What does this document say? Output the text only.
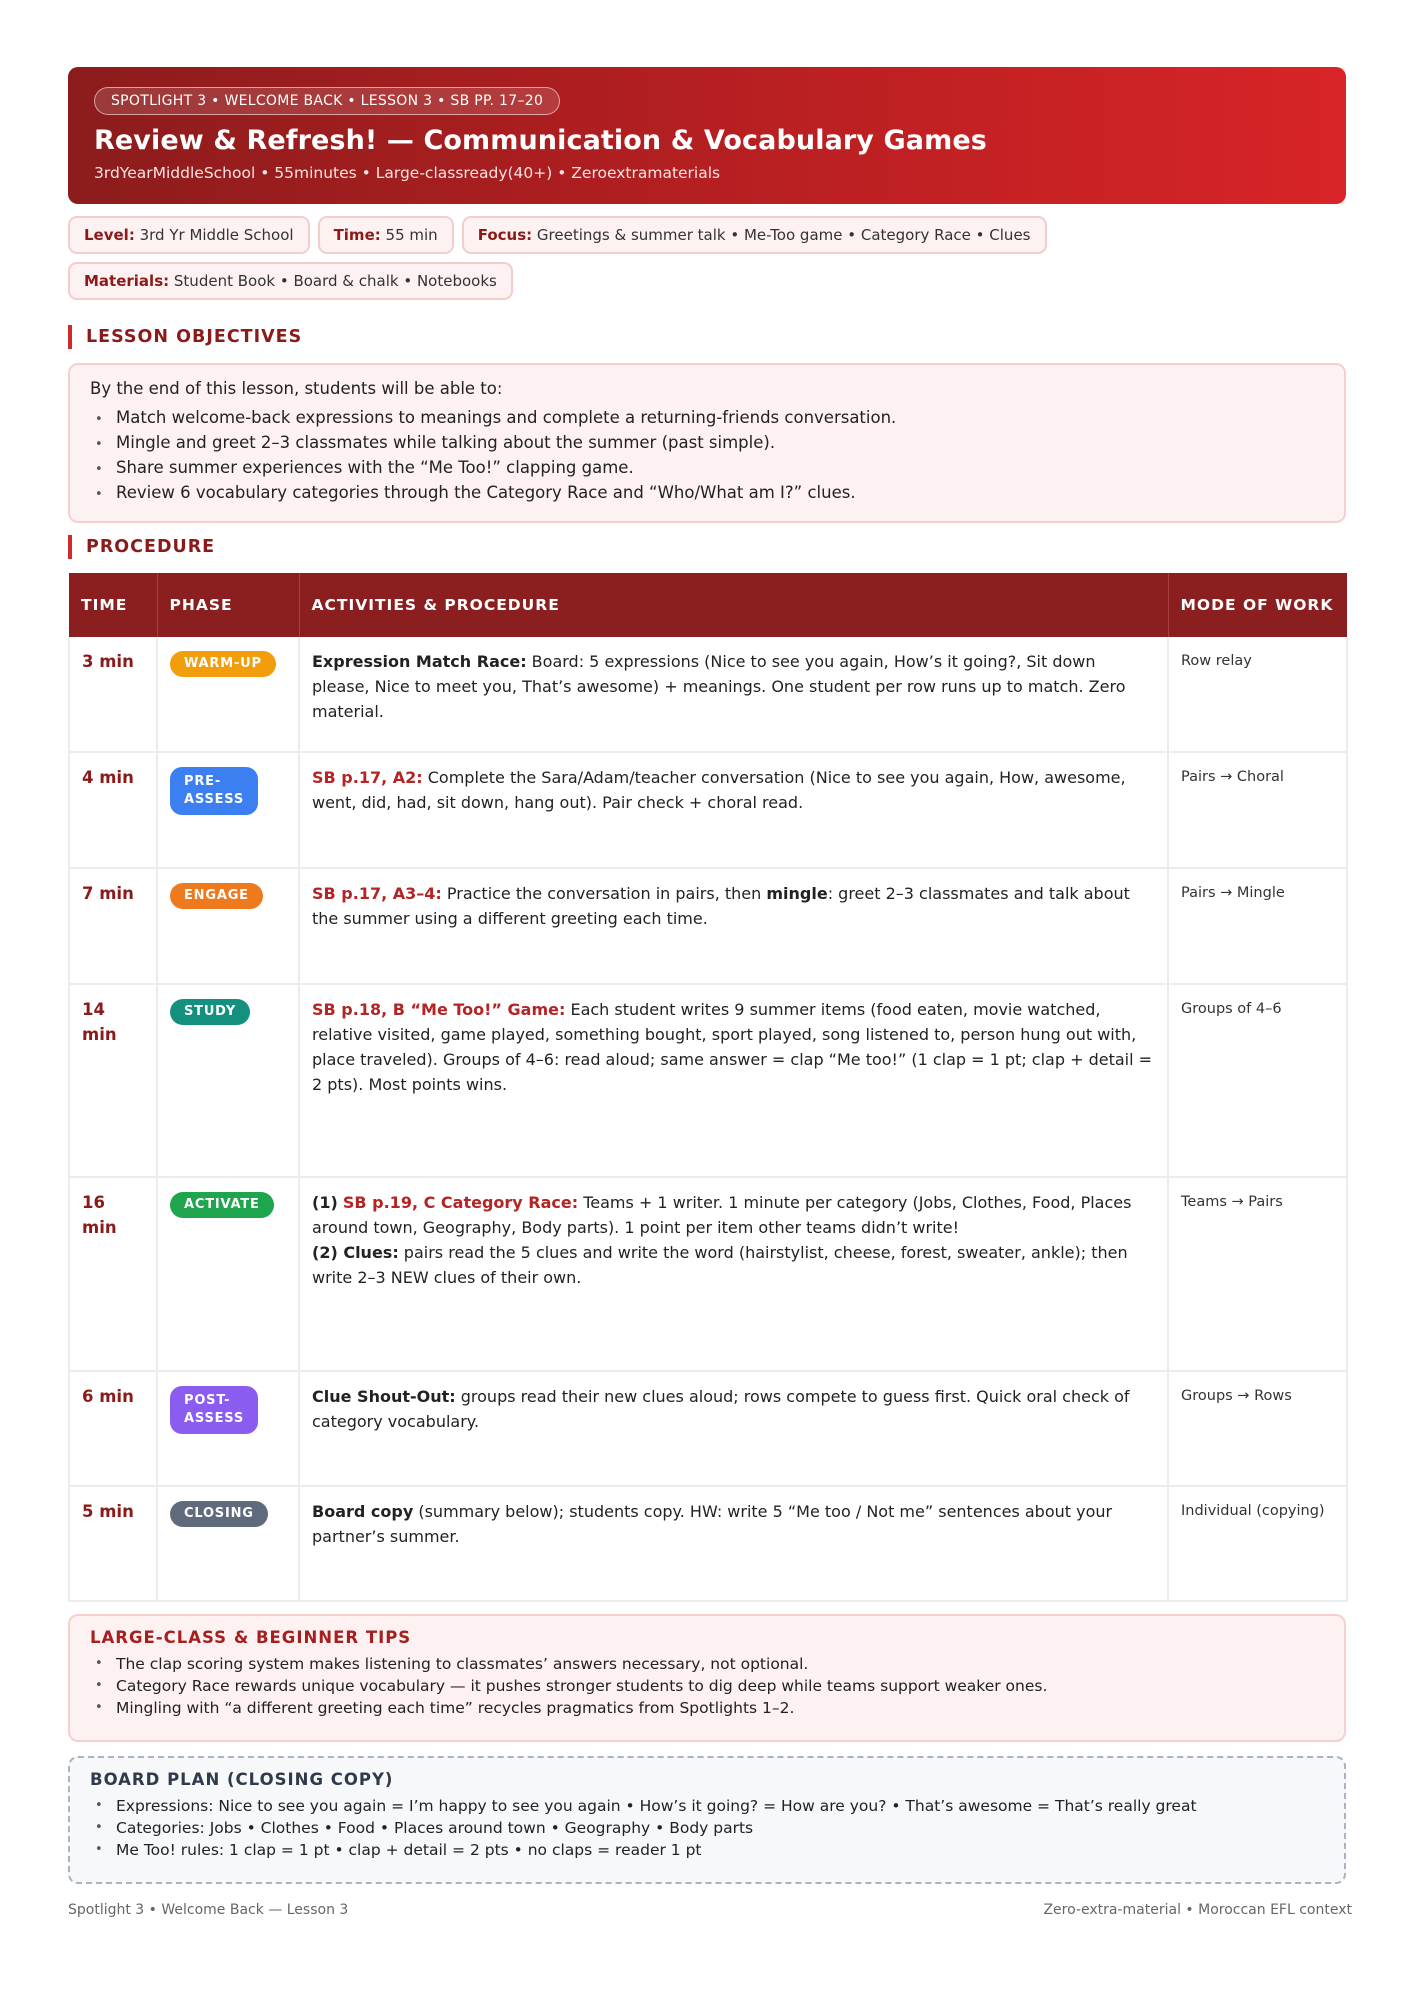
SPOTLIGHT 3 • WELCOME BACK • LESSON 3 • SB PP. 17–20
Review & Refresh! — Communication & Vocabulary Games
3rdYearMiddleSchool • 55minutes • Large-classready(40+) • Zeroextramaterials
Level: 3rd Yr Middle School	Time: 55 min	Focus: Greetings & summer talk • Me-Too game • Category Race • Clues
Materials: Student Book • Board & chalk • Notebooks
LESSON OBJECTIVES
By the end of this lesson, students will be able to:
• Match welcome-back expressions to meanings and complete a returning-friends conversation.
• Mingle and greet 2–3 classmates while talking about the summer (past simple).
• Share summer experiences with the “Me Too!” clapping game.
• Review 6 vocabulary categories through the Category Race and “Who/What am I?” clues.
PROCEDURE
TIME	PHASE	ACTIVITIES & PROCEDURE	MODE OF WORK
3 min	WARM-UP	Expression Match Race: Board: 5 expressions (Nice to see you again, How’s it going?, Sit down please, Nice to meet you, That’s awesome) + meanings. One student per row runs up to match. Zero material.	Row relay
4 min	PRE-
ASSESS	SB p.17, A2: Complete the Sara/Adam/teacher conversation (Nice to see you again, How, awesome, went, did, had, sit down, hang out). Pair check + choral read.	Pairs → Choral
7 min	ENGAGE	SB p.17, A3–4: Practice the conversation in pairs, then mingle: greet 2–3 classmates and talk about the summer using a different greeting each time.	Pairs → Mingle
14 min	STUDY	SB p.18, B “Me Too!” Game: Each student writes 9 summer items (food eaten, movie watched, relative visited, game played, something bought, sport played, song listened to, person hung out with, place traveled). Groups of 4–6: read aloud; same answer = clap “Me too!” (1 clap = 1 pt; clap + detail = 2 pts). Most points wins.	Groups of 4–6
16 min	ACTIVATE	(1) SB p.19, C Category Race: Teams + 1 writer. 1 minute per category (Jobs, Clothes, Food, Places around town, Geography, Body parts). 1 point per item other teams didn’t write!
(2) Clues: pairs read the 5 clues and write the word (hairstylist, cheese, forest, sweater, ankle); then write 2–3 NEW clues of their own.	Teams → Pairs
6 min	POST-
ASSESS	Clue Shout-Out: groups read their new clues aloud; rows compete to guess first. Quick oral check of category vocabulary.	Groups → Rows
5 min	CLOSING	Board copy (summary below); students copy. HW: write 5 “Me too / Not me” sentences about your partner’s summer.	Individual (copying)
LARGE-CLASS & BEGINNER TIPS
• The clap scoring system makes listening to classmates’ answers necessary, not optional.
• Category Race rewards unique vocabulary — it pushes stronger students to dig deep while teams support weaker ones.
• Mingling with “a different greeting each time” recycles pragmatics from Spotlights 1–2.
BOARD PLAN (CLOSING COPY)
• Expressions: Nice to see you again = I’m happy to see you again • How’s it going? = How are you? • That’s awesome = That’s really great
• Categories: Jobs • Clothes • Food • Places around town • Geography • Body parts
• Me Too! rules: 1 clap = 1 pt • clap + detail = 2 pts • no claps = reader 1 pt
Spotlight 3 • Welcome Back — Lesson 3	Zero-extra-material • Moroccan EFL context
